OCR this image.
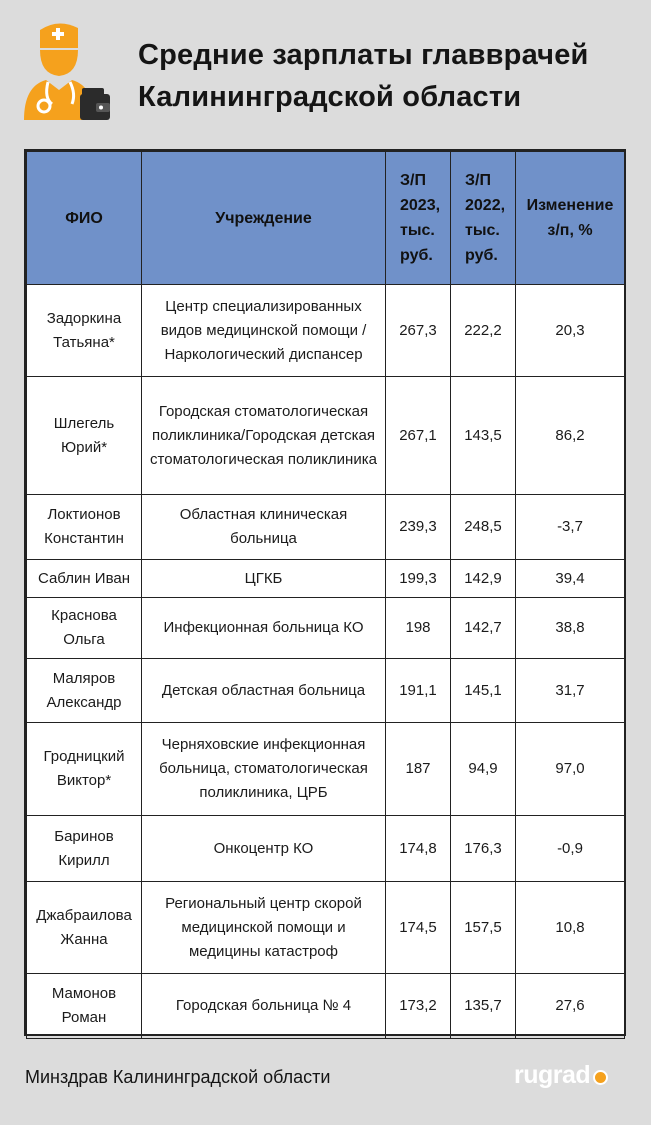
Средние зарплаты главврачей
Калининградской области
ФИО	Учреждение	З/П 2023, тыс. руб.	З/П 2022, тыс. руб.	Изменение з/п, %
Задоркина Татьяна*	Центр специализированных видов медицинской помощи / Наркологический диспансер	267,3	222,2	20,3
Шлегель Юрий*	Городская стоматологическая поликлиника/Городская детская стоматологическая поликлиника	267,1	143,5	86,2
Локтионов Константин	Областная клиническая больница	239,3	248,5	-3,7
Саблин Иван	ЦГКБ	199,3	142,9	39,4
Краснова Ольга	Инфекционная больница КО	198	142,7	38,8
Маляров Александр	Детская областная больница	191,1	145,1	31,7
Гродницкий Виктор*	Черняховские инфекционная больница, стоматологическая поликлиника, ЦРБ	187	94,9	97,0
Баринов Кирилл	Онкоцентр КО	174,8	176,3	-0,9
Джабраилова Жанна	Региональный центр скорой медицинской помощи и медицины катастроф	174,5	157,5	10,8
Мамонов Роман	Городская больница № 4	173,2	135,7	27,6
Минздрав Калининградской области	rugrad
